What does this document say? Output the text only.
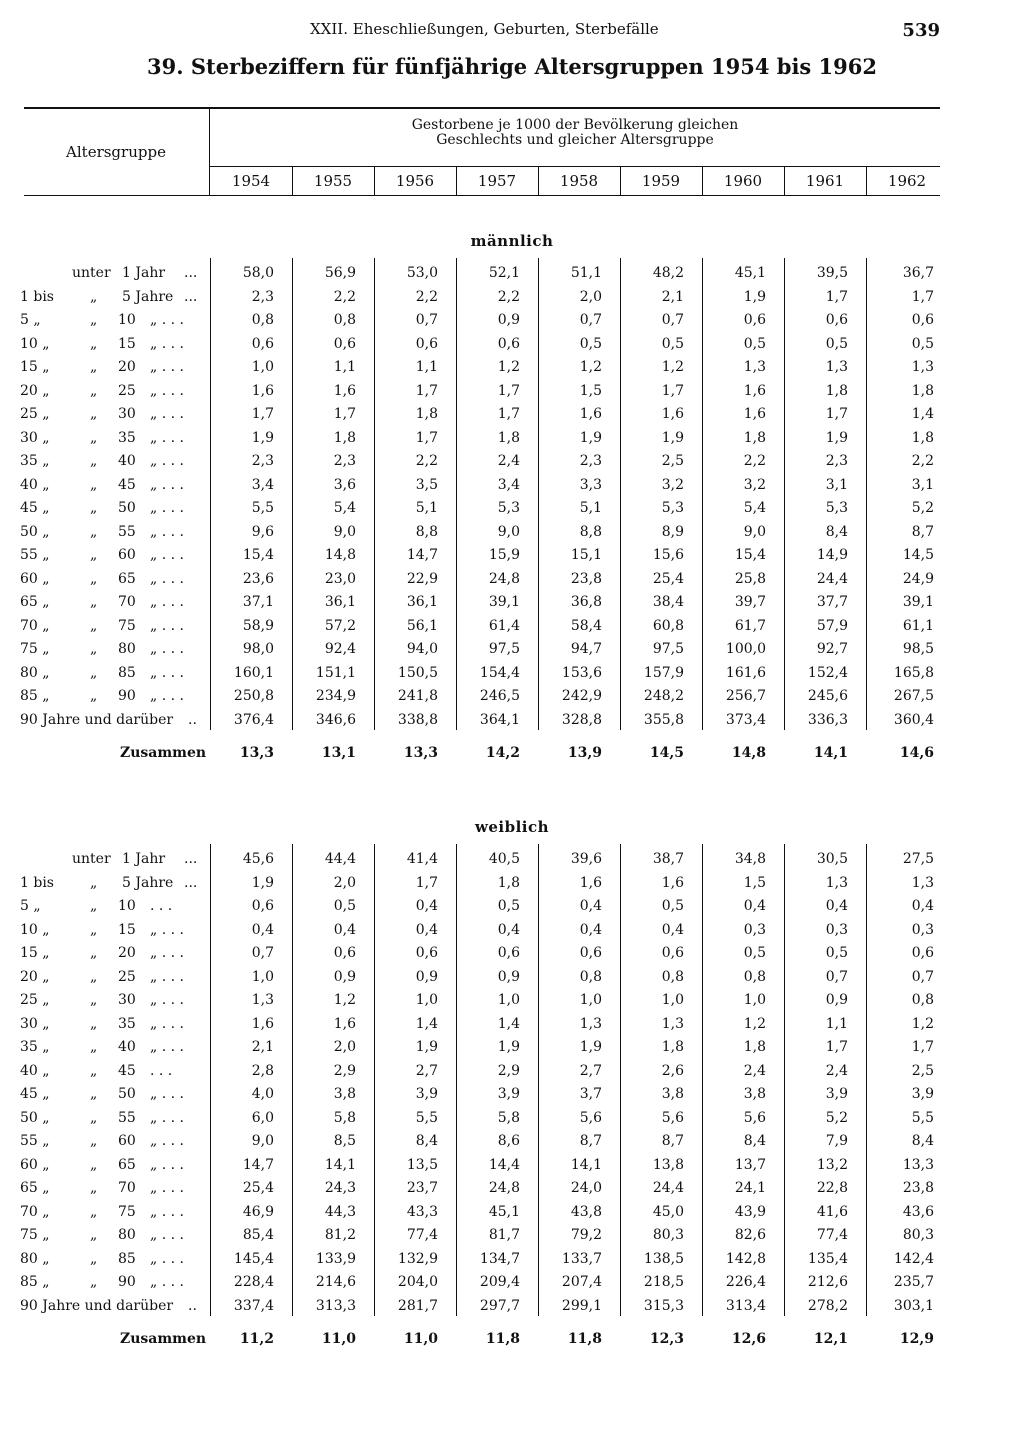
XXII. Eheschließungen, Geburten, Sterbefälle	539
39. Sterbeziffern für fünfjährige Altersgruppen 1954 bis 1962
Altersgruppe
Gestorbene je 1000 der Bevölkerung gleichen
Geschlechts und gleicher Altersgruppe
1954	1955	1956	1957	1958	1959	1960	1961	1962
männlich
unter 1 Jahr ...	58,0	56,9	53,0	52,1	51,1	48,2	45,1	39,5	36,7
1 bis	„ 5 Jahre ...	2,3	2,2	2,2	2,2	2,0	2,1	1,9	1,7	1,7
5 „	„ 10 „ . . .	0,8	0,8	0,7	0,9	0,7	0,7	0,6	0,6	0,6
10 „	„ 15 „ . . .	0,6	0,6	0,6	0,6	0,5	0,5	0,5	0,5	0,5
15 „	„ 20 „ . . .	1,0	1,1	1,1	1,2	1,2	1,2	1,3	1,3	1,3
20 „	„ 25 „ . . .	1,6	1,6	1,7	1,7	1,5	1,7	1,6	1,8	1,8
25 „	„ 30 „ . . .	1,7	1,7	1,8	1,7	1,6	1,6	1,6	1,7	1,4
30 „	„ 35 „ . . .	1,9	1,8	1,7	1,8	1,9	1,9	1,8	1,9	1,8
35 „	„ 40 „ . . .	2,3	2,3	2,2	2,4	2,3	2,5	2,2	2,3	2,2
40 „	„ 45 „ . . .	3,4	3,6	3,5	3,4	3,3	3,2	3,2	3,1	3,1
45 „	„ 50 „ . . .	5,5	5,4	5,1	5,3	5,1	5,3	5,4	5,3	5,2
50 „	„ 55 „ . . .	9,6	9,0	8,8	9,0	8,8	8,9	9,0	8,4	8,7
55 „	„ 60 „ . . .	15,4	14,8	14,7	15,9	15,1	15,6	15,4	14,9	14,5
60 „	„ 65 „ . . .	23,6	23,0	22,9	24,8	23,8	25,4	25,8	24,4	24,9
65 „	„ 70 „ . . .	37,1	36,1	36,1	39,1	36,8	38,4	39,7	37,7	39,1
70 „	„ 75 „ . . .	58,9	57,2	56,1	61,4	58,4	60,8	61,7	57,9	61,1
75 „	„ 80 „ . . .	98,0	92,4	94,0	97,5	94,7	97,5	100,0	92,7	98,5
80 „	„ 85 „ . . .	160,1	151,1	150,5	154,4	153,6	157,9	161,6	152,4	165,8
85 „	„ 90 „ . . .	250,8	234,9	241,8	246,5	242,9	248,2	256,7	245,6	267,5
90 Jahre und darüber ..	376,4	346,6	338,8	364,1	328,8	355,8	373,4	336,3	360,4
Zusammen	13,3	13,1	13,3	14,2	13,9	14,5	14,8	14,1	14,6
weiblich
unter 1 Jahr ...	45,6	44,4	41,4	40,5	39,6	38,7	34,8	30,5	27,5
1 bis	„ 5 Jahre ...	1,9	2,0	1,7	1,8	1,6	1,6	1,5	1,3	1,3
5 „	„ 10 . . .	0,6	0,5	0,4	0,5	0,4	0,5	0,4	0,4	0,4
10 „	„ 15 „ . . .	0,4	0,4	0,4	0,4	0,4	0,4	0,3	0,3	0,3
15 „	„ 20 „ . . .	0,7	0,6	0,6	0,6	0,6	0,6	0,5	0,5	0,6
20 „	„ 25 „ . . .	1,0	0,9	0,9	0,9	0,8	0,8	0,8	0,7	0,7
25 „	„ 30 „ . . .	1,3	1,2	1,0	1,0	1,0	1,0	1,0	0,9	0,8
30 „	„ 35 „ . . .	1,6	1,6	1,4	1,4	1,3	1,3	1,2	1,1	1,2
35 „	„ 40 „ . . .	2,1	2,0	1,9	1,9	1,9	1,8	1,8	1,7	1,7
40 „	„ 45 . . .	2,8	2,9	2,7	2,9	2,7	2,6	2,4	2,4	2,5
45 „	„ 50 „ . . .	4,0	3,8	3,9	3,9	3,7	3,8	3,8	3,9	3,9
50 „	„ 55 „ . . .	6,0	5,8	5,5	5,8	5,6	5,6	5,6	5,2	5,5
55 „	„ 60 „ . . .	9,0	8,5	8,4	8,6	8,7	8,7	8,4	7,9	8,4
60 „	„ 65 „ . . .	14,7	14,1	13,5	14,4	14,1	13,8	13,7	13,2	13,3
65 „	„ 70 „ . . .	25,4	24,3	23,7	24,8	24,0	24,4	24,1	22,8	23,8
70 „	„ 75 „ . . .	46,9	44,3	43,3	45,1	43,8	45,0	43,9	41,6	43,6
75 „	„ 80 „ . . .	85,4	81,2	77,4	81,7	79,2	80,3	82,6	77,4	80,3
80 „	„ 85 „ . . .	145,4	133,9	132,9	134,7	133,7	138,5	142,8	135,4	142,4
85 „	„ 90 „ . . .	228,4	214,6	204,0	209,4	207,4	218,5	226,4	212,6	235,7
90 Jahre und darüber ..	337,4	313,3	281,7	297,7	299,1	315,3	313,4	278,2	303,1
Zusammen	11,2	11,0	11,0	11,8	11,8	12,3	12,6	12,1	12,9
